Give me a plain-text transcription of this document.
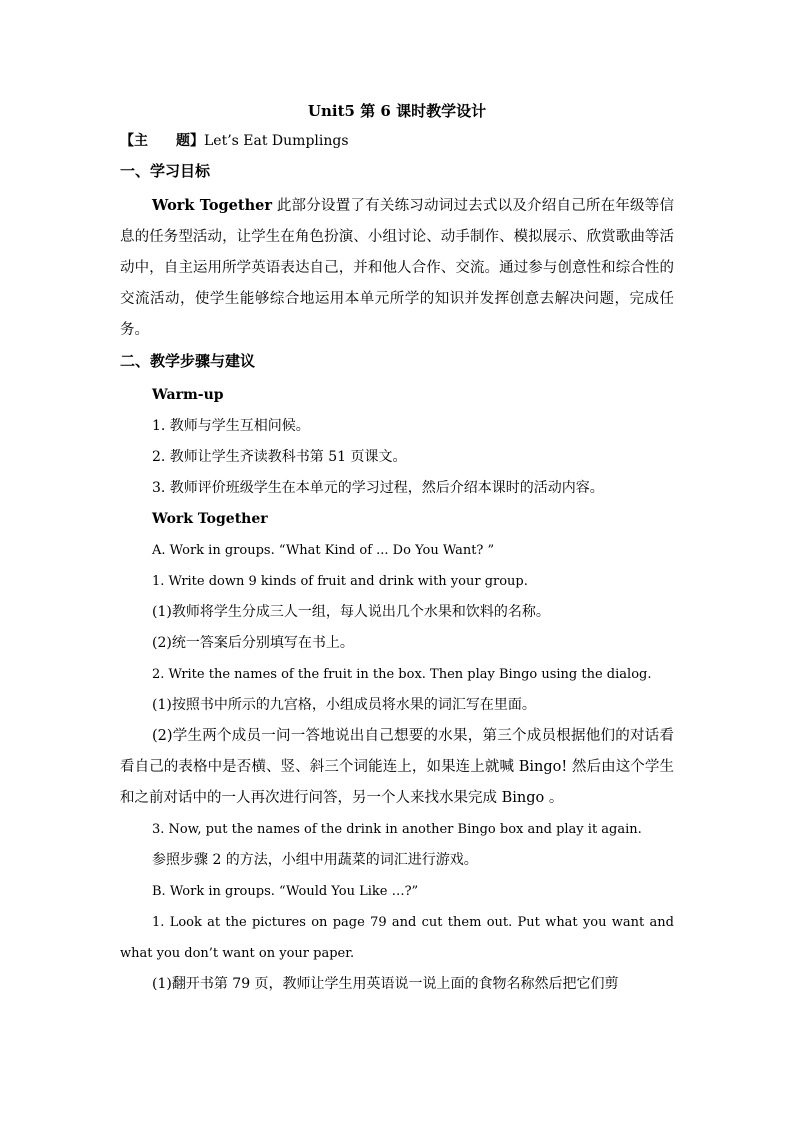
Unit5 第 6 课时教学设计
【主　　题】Let’s Eat Dumplings
一、学习目标
Work Together 此部分设置了有关练习动词过去式以及介绍自己所在年级等信息的任务型活动，让学生在角色扮演、小组讨论、动手制作、模拟展示、欣赏歌曲等活动中，自主运用所学英语表达自己，并和他人合作、交流。通过参与创意性和综合性的交流活动，使学生能够综合地运用本单元所学的知识并发挥创意去解决问题，完成任务。
二、教学步骤与建议
Warm-up
1. 教师与学生互相问候。
2. 教师让学生齐读教科书第 51 页课文。
3. 教师评价班级学生在本单元的学习过程，然后介绍本课时的活动内容。
Work Together
A. Work in groups. “What Kind of ... Do You Want? ”
1. Write down 9 kinds of fruit and drink with your group.
(1)教师将学生分成三人一组，每人说出几个水果和饮料的名称。
(2)统一答案后分别填写在书上。
2. Write the names of the fruit in the box. Then play Bingo using the dialog.
(1)按照书中所示的九宫格，小组成员将水果的词汇写在里面。
(2)学生两个成员一问一答地说出自己想要的水果，第三个成员根据他们的对话看看自己的表格中是否横、竖、斜三个词能连上，如果连上就喊 Bingo! 然后由这个学生和之前对话中的一人再次进行问答，另一个人来找水果完成 Bingo 。
3. Now, put the names of the drink in another Bingo box and play it again.
参照步骤 2 的方法，小组中用蔬菜的词汇进行游戏。
B. Work in groups. “Would You Like …?”
1. Look at the pictures on page 79 and cut them out. Put what you want and what you don’t want on your paper.
(1)翻开书第 79 页，教师让学生用英语说一说上面的食物名称然后把它们剪
